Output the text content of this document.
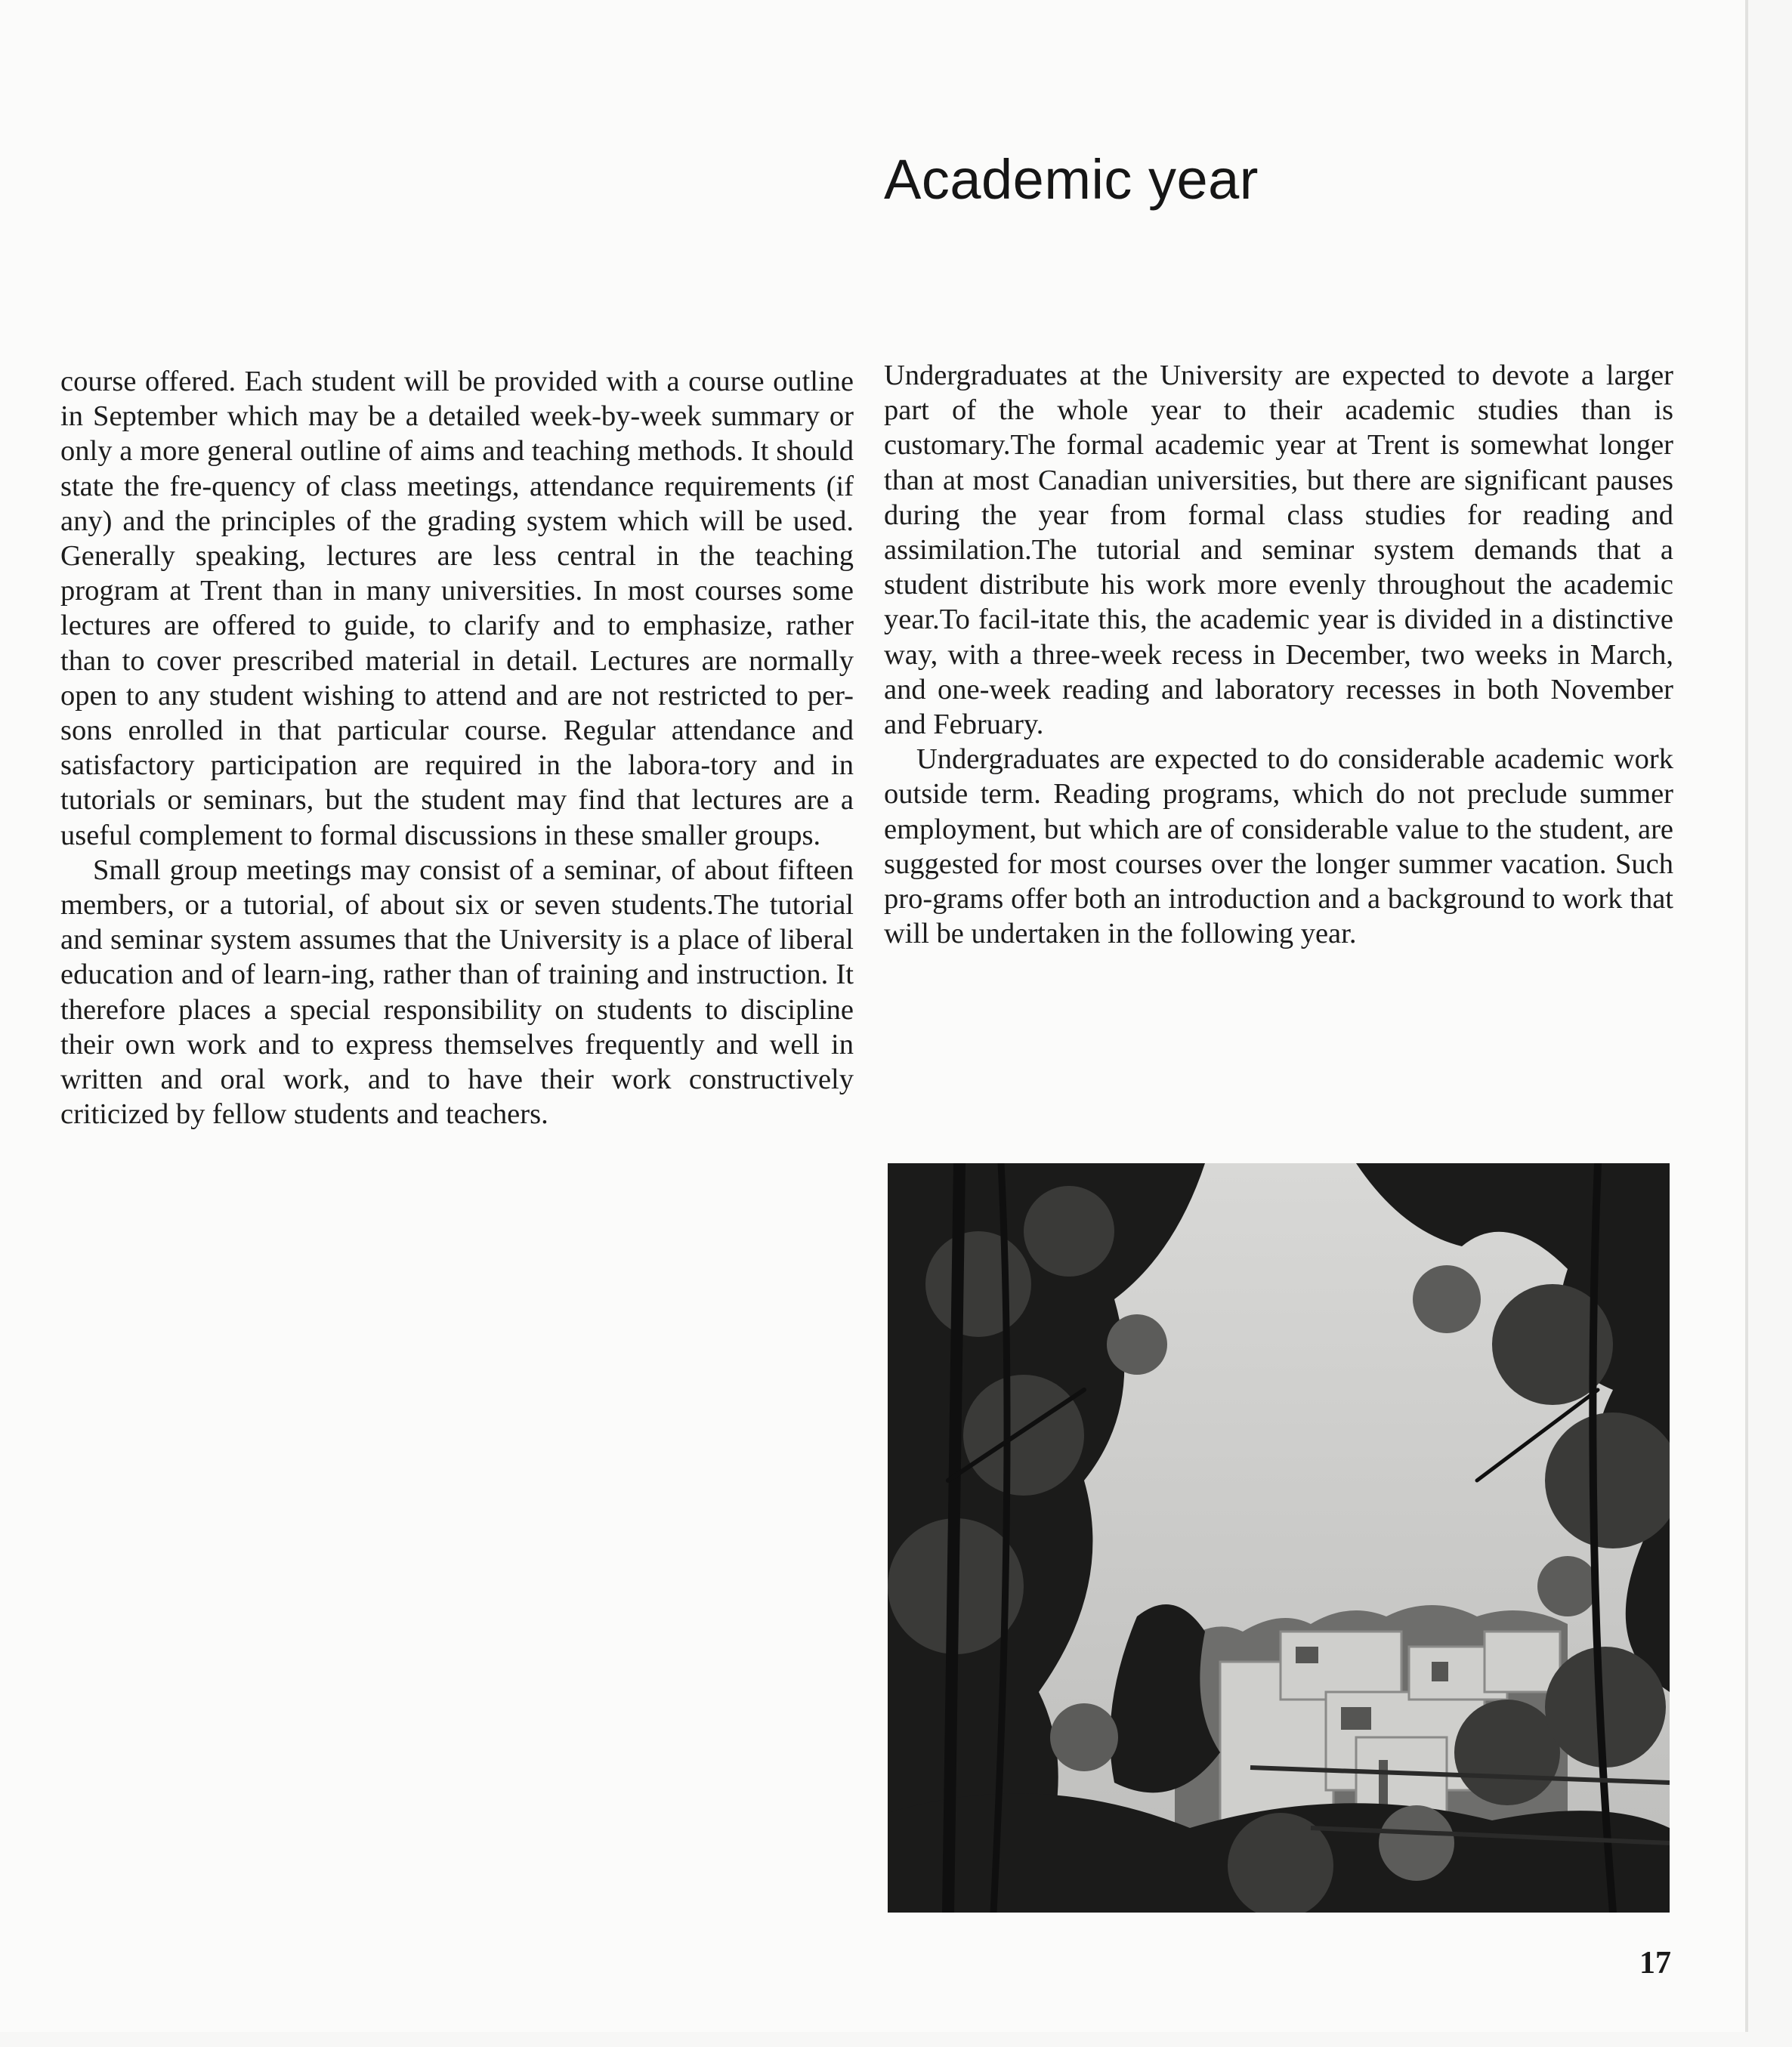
Academic year

course offered. Each student will be provided with a course outline in September which may be a detailed week-by-week summary or only a more general outline of aims and teaching methods. It should state the fre-quency of class meetings, attendance requirements (if any) and the principles of the grading system which will be used. Generally speaking, lectures are less central in the teaching program at Trent than in many universities. In most courses some lectures are offered to guide, to clarify and to emphasize, rather than to cover prescribed material in detail. Lectures are normally open to any student wishing to attend and are not restricted to per-sons enrolled in that particular course. Regular attendance and satisfactory participation are required in the labora-tory and in tutorials or seminars, but the student may find that lectures are a useful complement to formal discussions in these smaller groups.

Small group meetings may consist of a seminar, of about fifteen members, or a tutorial, of about six or seven students.The tutorial and seminar system assumes that the University is a place of liberal education and of learn-ing, rather than of training and instruction. It therefore places a special responsibility on students to discipline their own work and to express themselves frequently and well in written and oral work, and to have their work constructively criticized by fellow students and teachers.

Undergraduates at the University are expected to devote a larger part of the whole year to their academic studies than is customary.The formal academic year at Trent is somewhat longer than at most Canadian universities, but there are significant pauses during the year from formal class studies for reading and assimilation.The tutorial and seminar system demands that a student distribute his work more evenly throughout the academic year.To facil-itate this, the academic year is divided in a distinctive way, with a three-week recess in December, two weeks in March, and one-week reading and laboratory recesses in both November and February.

Undergraduates are expected to do considerable academic work outside term. Reading programs, which do not preclude summer employment, but which are of considerable value to the student, are suggested for most courses over the longer summer vacation. Such pro-grams offer both an introduction and a background to work that will be undertaken in the following year.

17
